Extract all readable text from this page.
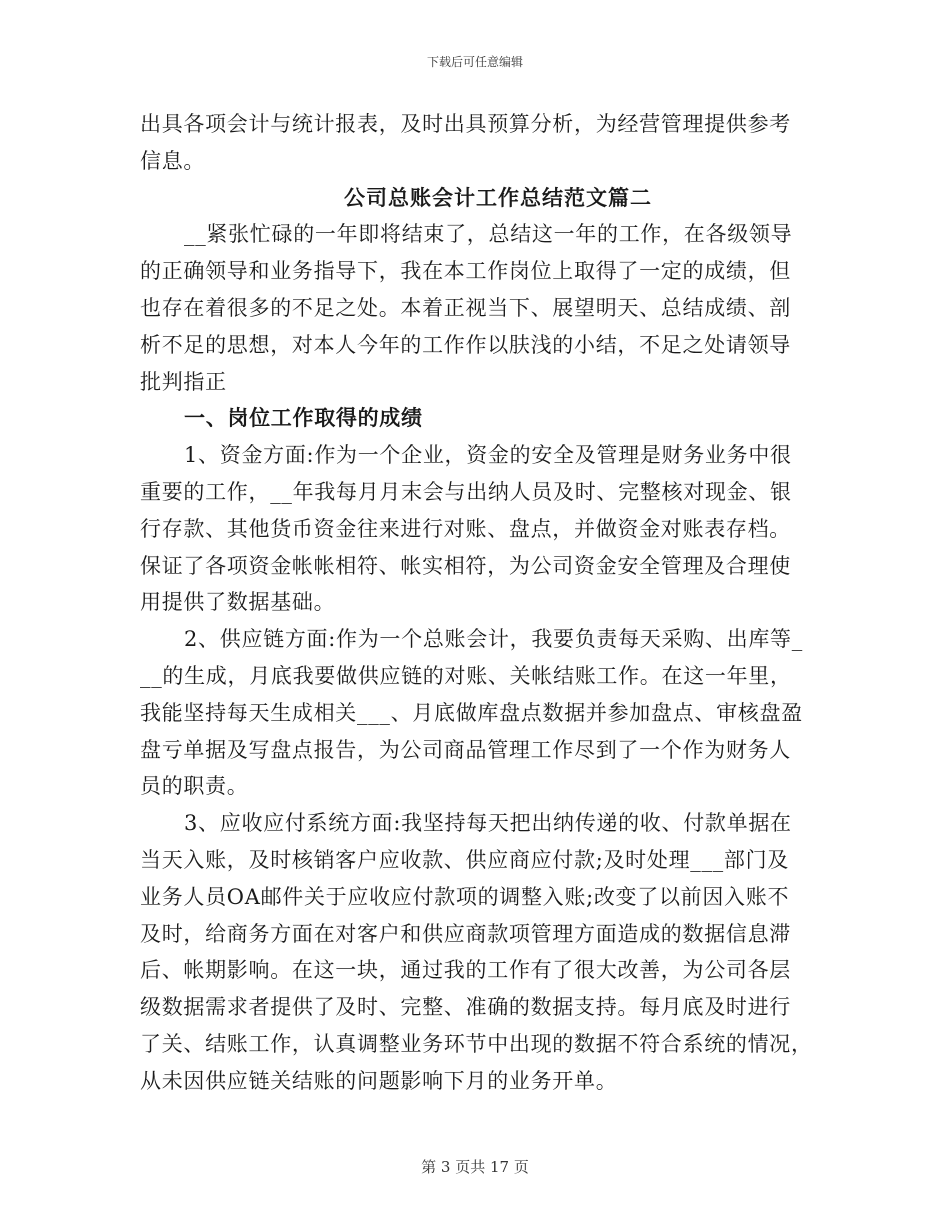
下载后可任意编辑
出具各项会计与统计报表，及时出具预算分析，为经营管理提供参考
信息。
公司总账会计工作总结范文篇二
__紧张忙碌的一年即将结束了，总结这一年的工作，在各级领导
的正确领导和业务指导下，我在本工作岗位上取得了一定的成绩，但
也存在着很多的不足之处。本着正视当下、展望明天、总结成绩、剖
析不足的思想，对本人今年的工作作以肤浅的小结，不足之处请领导
批判指正
一、岗位工作取得的成绩
1、资金方面:作为一个企业，资金的安全及管理是财务业务中很
重要的工作，__年我每月月末会与出纳人员及时、完整核对现金、银
行存款、其他货币资金往来进行对账、盘点，并做资金对账表存档。
保证了各项资金帐帐相符、帐实相符，为公司资金安全管理及合理使
用提供了数据基础。
2、供应链方面:作为一个总账会计，我要负责每天采购、出库等_
__的生成，月底我要做供应链的对账、关帐结账工作。在这一年里，
我能坚持每天生成相关___、月底做库盘点数据并参加盘点、审核盘盈
盘亏单据及写盘点报告，为公司商品管理工作尽到了一个作为财务人
员的职责。
3、应收应付系统方面:我坚持每天把出纳传递的收、付款单据在
当天入账，及时核销客户应收款、供应商应付款;及时处理___部门及
业务人员OA邮件关于应收应付款项的调整入账;改变了以前因入账不
及时，给商务方面在对客户和供应商款项管理方面造成的数据信息滞
后、帐期影响。在这一块，通过我的工作有了很大改善，为公司各层
级数据需求者提供了及时、完整、准确的数据支持。每月底及时进行
了关、结账工作，认真调整业务环节中出现的数据不符合系统的情况，
从未因供应链关结账的问题影响下月的业务开单。
第 3 页共 17 页
